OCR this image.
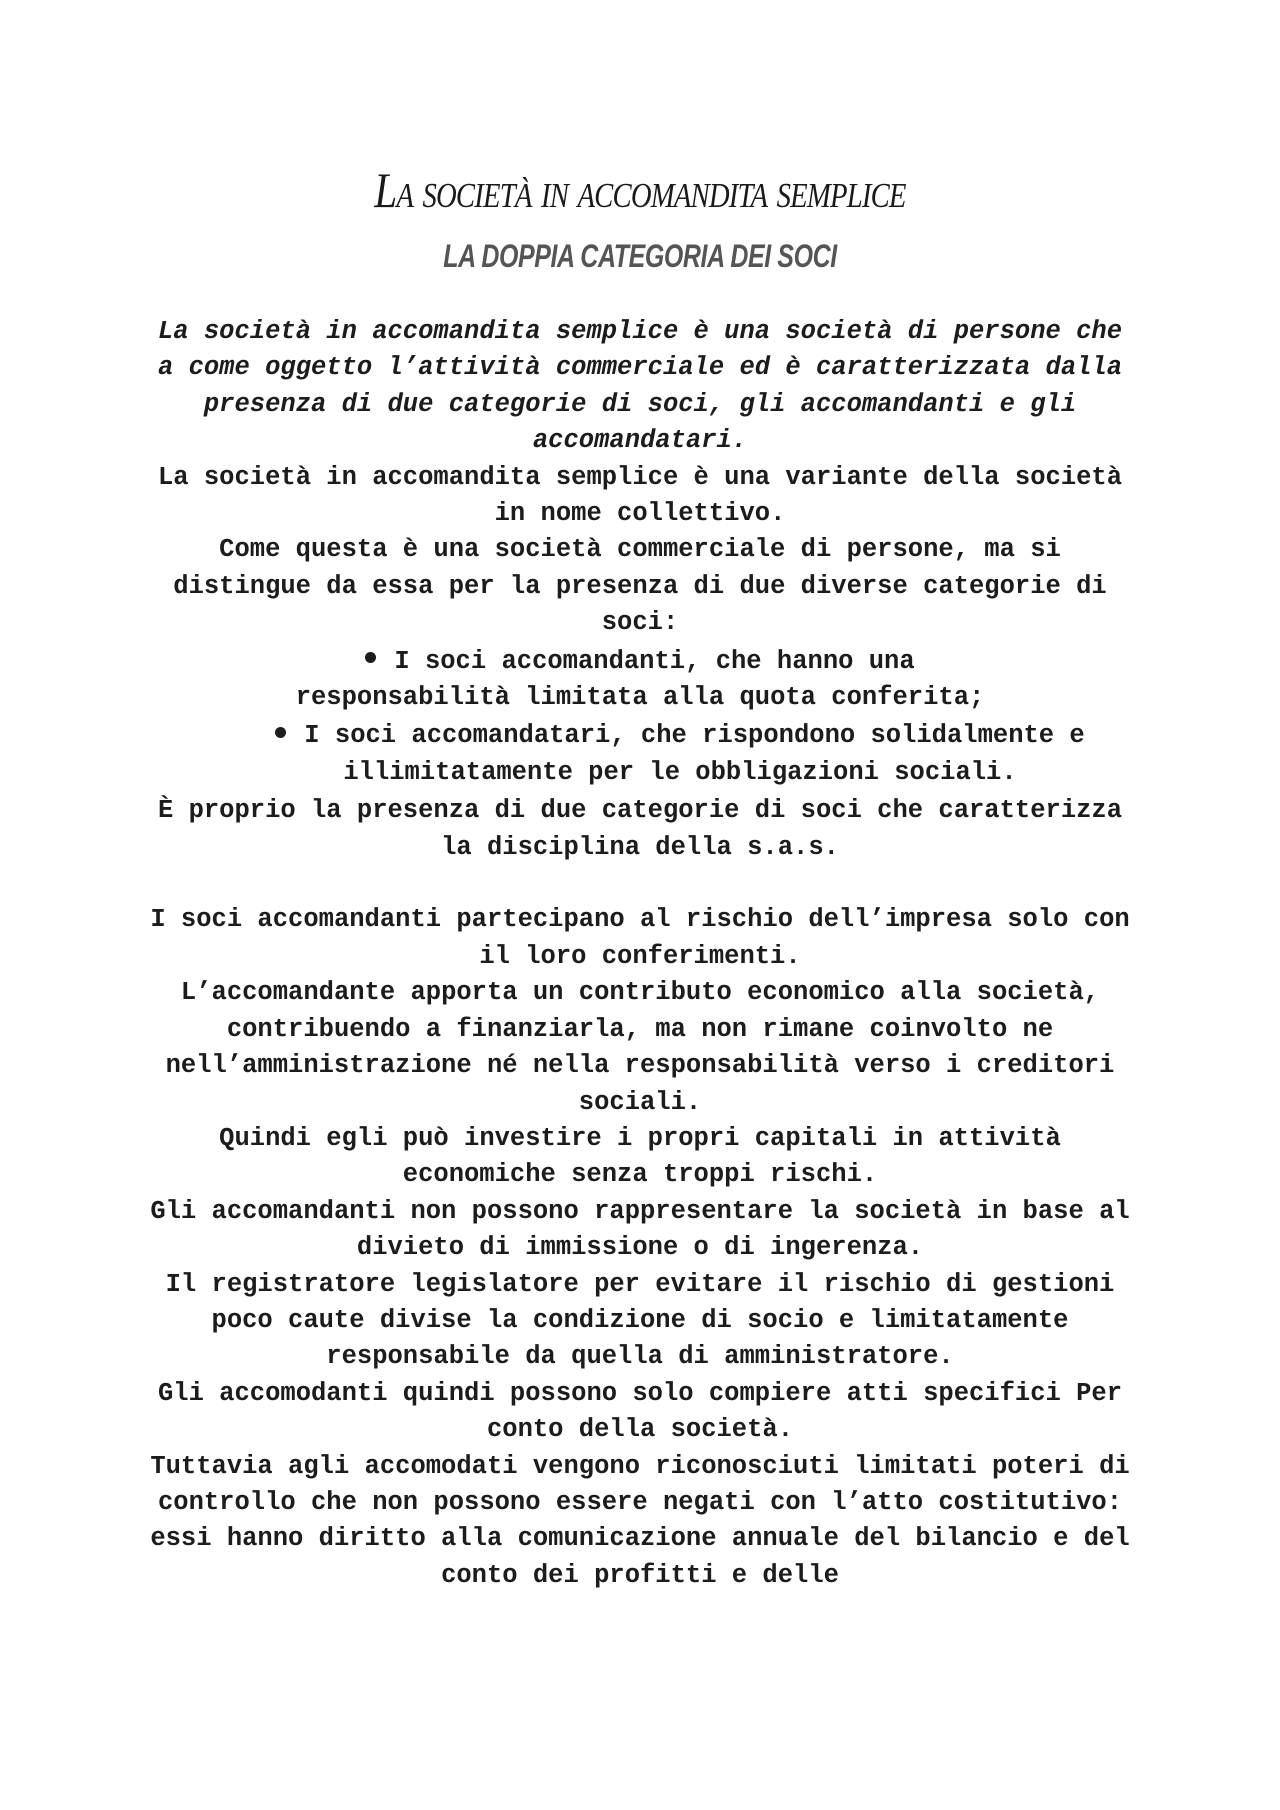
La società in accomandita semplice
LA DOPPIA CATEGORIA DEI SOCI

La società in accomandita semplice è una società di persone che a come oggetto l’attività commerciale ed è caratterizzata dalla presenza di due categorie di soci, gli accomandanti e gli accomandatari.

La società in accomandita semplice è una variante della società in nome collettivo.

Come questa è una società commerciale di persone, ma si distingue da essa per la presenza di due diverse categorie di soci:

I soci accomandanti, che hanno una responsabilità limitata alla quota conferita;
I soci accomandatari, che rispondono solidalmente e illimitatamente per le obbligazioni sociali.

È proprio la presenza di due categorie di soci che caratterizza la disciplina della s.a.s.

I soci accomandanti partecipano al rischio dell’impresa solo con il loro conferimenti.

L’accomandante apporta un contributo economico alla società, contribuendo a finanziarla, ma non rimane coinvolto ne nell’amministrazione né nella responsabilità verso i creditori sociali.

Quindi egli può investire i propri capitali in attività economiche senza troppi rischi.

Gli accomandanti non possono rappresentare la società in base al divieto di immissione o di ingerenza.

Il registratore legislatore per evitare il rischio di gestioni poco caute divise la condizione di socio e limitatamente responsabile da quella di amministratore.

Gli accomodanti quindi possono solo compiere atti specifici Per conto della società.

Tuttavia agli accomodati vengono riconosciuti limitati poteri di controllo che non possono essere negati con l’atto costitutivo: essi hanno diritto alla comunicazione annuale del bilancio e del conto dei profitti e delle
